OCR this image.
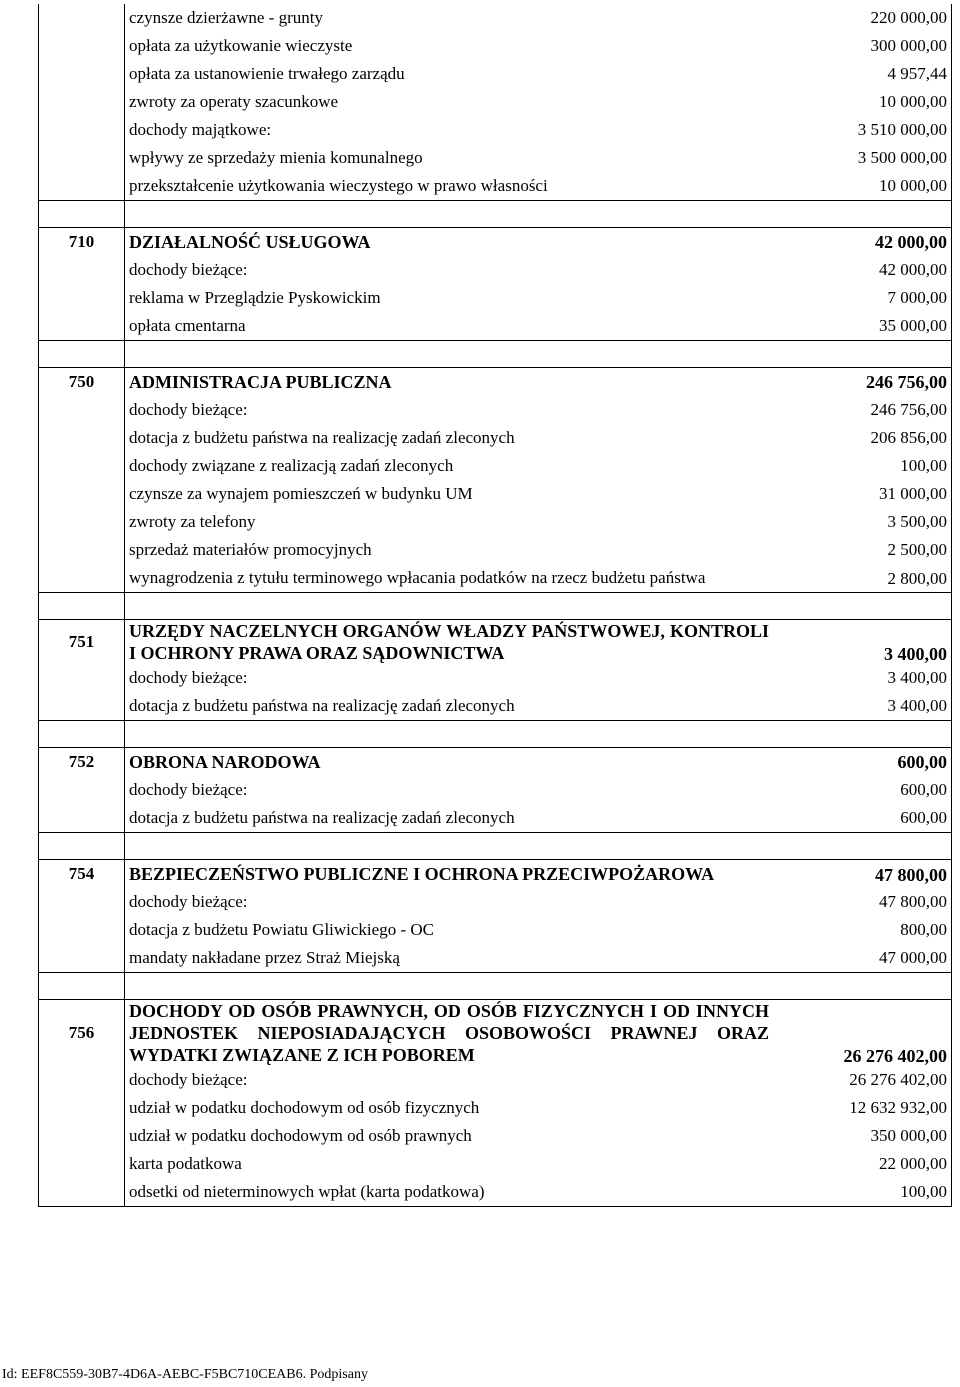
	czynsze dzierżawne - grunty 220 000,00

	opłata za użytkowanie wieczyste 300 000,00

	opłata za ustanowienie trwałego zarządu 4 957,44

	zwroty za operaty szacunkowe 10 000,00

	dochody majątkowe: 3 510 000,00

	wpływy ze sprzedaży mienia komunalnego 3 500 000,00

	przekształcenie użytkowania wieczystego w prawo własności 10 000,00

710	DZIAŁALNOŚĆ USŁUGOWA 42 000,00

	dochody bieżące: 42 000,00

	reklama w Przeglądzie Pyskowickim 7 000,00

	opłata cmentarna 35 000,00

750	ADMINISTRACJA PUBLICZNA 246 756,00

	dochody bieżące: 246 756,00

	dotacja z budżetu państwa na realizację zadań zleconych 206 856,00

	dochody związane z realizacją zadań zleconych 100,00

	czynsze za wynajem pomieszczeń w budynku UM 31 000,00

	zwroty za telefony 3 500,00

	sprzedaż materiałów promocyjnych 2 500,00

	wynagrodzenia z tytułu terminowego wpłacania podatków na rzecz budżetu państwa 2 800,00

751	URZĘDY NACZELNYCH ORGANÓW WŁADZY PAŃSTWOWEJ, KONTROLI I OCHRONY PRAWA ORAZ SĄDOWNICTWA 3 400,00

	dochody bieżące: 3 400,00

	dotacja z budżetu państwa na realizację zadań zleconych 3 400,00

752	OBRONA NARODOWA 600,00

	dochody bieżące: 600,00

	dotacja z budżetu państwa na realizację zadań zleconych 600,00

754	BEZPIECZEŃSTWO PUBLICZNE I OCHRONA PRZECIWPOŻAROWA 47 800,00

	dochody bieżące: 47 800,00

	dotacja z budżetu Powiatu Gliwickiego - OC 800,00

	mandaty nakładane przez Straż Miejską 47 000,00

756	DOCHODY OD OSÓB PRAWNYCH, OD OSÓB FIZYCZNYCH I OD INNYCH JEDNOSTEK NIEPOSIADAJĄCYCH OSOBOWOŚCI PRAWNEJ ORAZ WYDATKI ZWIĄZANE Z ICH POBOREM 26 276 402,00

	dochody bieżące: 26 276 402,00

	udział w podatku dochodowym od osób fizycznych 12 632 932,00

	udział w podatku dochodowym od osób prawnych 350 000,00

	karta podatkowa 22 000,00

	odsetki od nieterminowych wpłat (karta podatkowa) 100,00
Id: EEF8C559-30B7-4D6A-AEBC-F5BC710CEAB6. Podpisany
